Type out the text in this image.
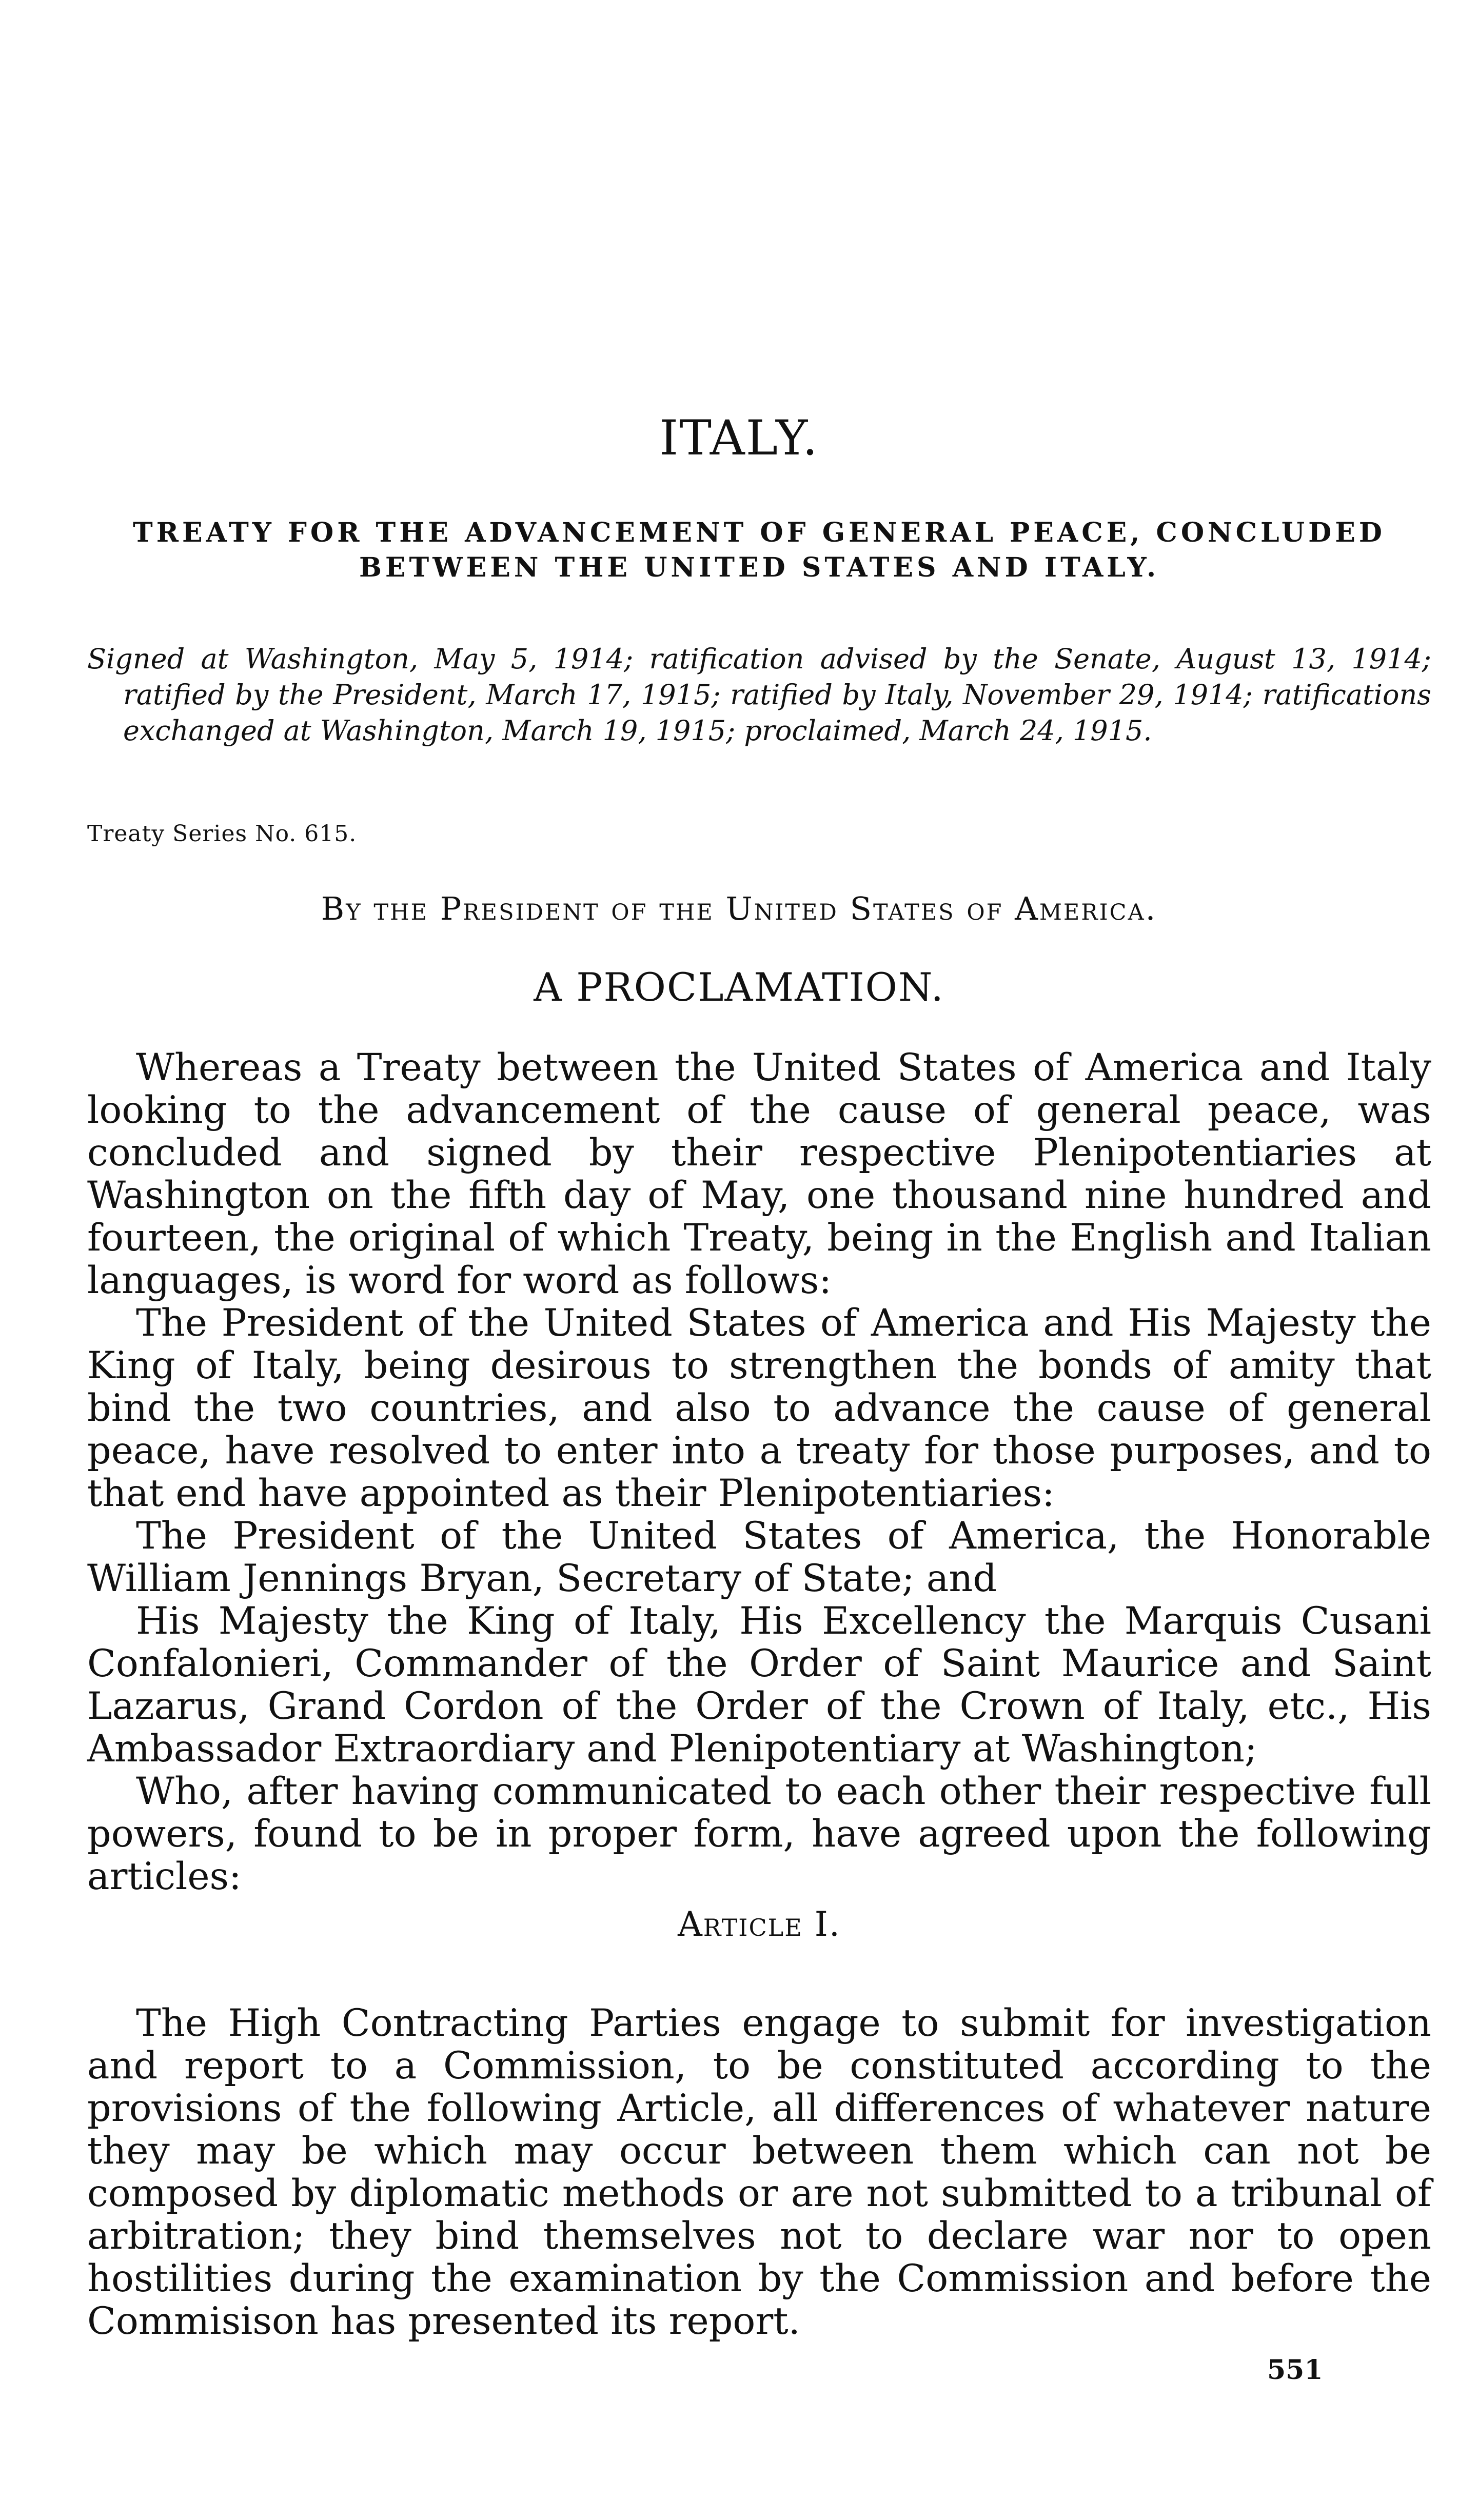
ITALY.
TREATY FOR THE ADVANCEMENT OF GENERAL PEACE, CONCLUDED BETWEEN THE UNITED STATES AND ITALY.
Signed at Washington, May 5, 1914; ratification advised by the Senate, August 13, 1914; ratified by the President, March 17, 1915; ratified by Italy, November 29, 1914; ratifications exchanged at Washington, March 19, 1915; proclaimed, March 24, 1915.
Treaty Series No. 615.
By the President of the United States of America.
A PROCLAMATION.

Whereas a Treaty between the United States of America and Italy looking to the advancement of the cause of general peace, was concluded and signed by their respective Plenipotentiaries at Washington on the fifth day of May, one thousand nine hundred and fourteen, the original of which Treaty, being in the English and Italian languages, is word for word as follows:

The President of the United States of America and His Majesty the King of Italy, being desirous to strengthen the bonds of amity that bind the two countries, and also to advance the cause of general peace, have resolved to enter into a treaty for those purposes, and to that end have appointed as their Plenipotentiaries:

The President of the United States of America, the Honorable William Jennings Bryan, Secretary of State; and

His Majesty the King of Italy, His Excellency the Marquis Cusani Confalonieri, Commander of the Order of Saint Maurice and Saint Lazarus, Grand Cordon of the Order of the Crown of Italy, etc., His Ambassador Extraordiary and Plenipotentiary at Washington;

Who, after having communicated to each other their respective full powers, found to be in proper form, have agreed upon the following articles:

Article I.

The High Contracting Parties engage to submit for investigation and report to a Commission, to be constituted according to the provisions of the following Article, all differences of whatever nature they may be which may occur between them which can not be composed by diplomatic methods or are not submitted to a tribunal of arbitration; they bind themselves not to declare war nor to open hostilities during the examination by the Commission and before the Commisison has presented its report.

551
